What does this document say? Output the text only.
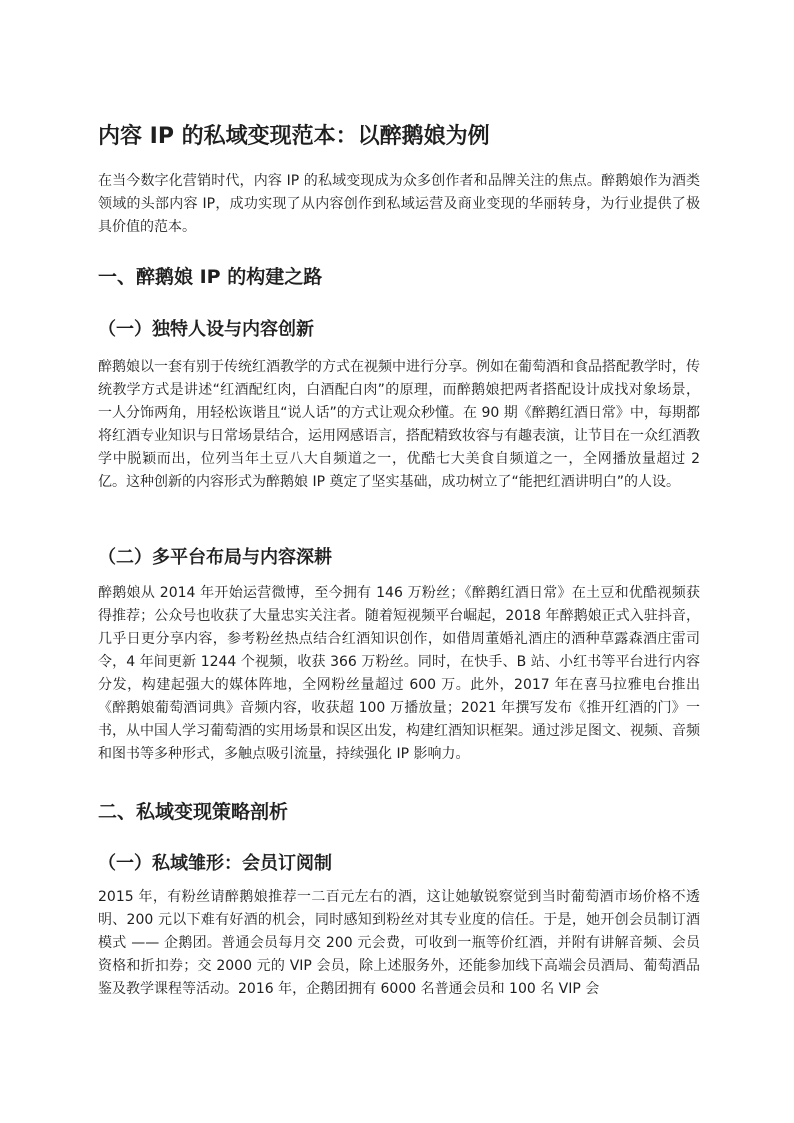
内容 IP 的私域变现范本：以醉鹅娘为例

在当今数字化营销时代，内容 IP 的私域变现成为众多创作者和品牌关注的焦点。醉鹅娘作为酒类领域的头部内容 IP，成功实现了从内容创作到私域运营及商业变现的华丽转身，为行业提供了极具价值的范本。

一、醉鹅娘 IP 的构建之路
（一）独特人设与内容创新

醉鹅娘以一套有别于传统红酒教学的方式在视频中进行分享。例如在葡萄酒和食品搭配教学时，传统教学方式是讲述“红酒配红肉，白酒配白肉”的原理，而醉鹅娘把两者搭配设计成找对象场景，一人分饰两角，用轻松诙谐且“说人话”的方式让观众秒懂。在 90 期《醉鹅红酒日常》中，每期都将红酒专业知识与日常场景结合，运用网感语言，搭配精致妆容与有趣表演，让节目在一众红酒教学中脱颖而出，位列当年土豆八大自频道之一，优酷七大美食自频道之一，全网播放量超过 2 亿。这种创新的内容形式为醉鹅娘 IP 奠定了坚实基础，成功树立了“能把红酒讲明白”的人设。

（二）多平台布局与内容深耕

醉鹅娘从 2014 年开始运营微博，至今拥有 146 万粉丝；《醉鹅红酒日常》在土豆和优酷视频获得推荐；公众号也收获了大量忠实关注者。随着短视频平台崛起，2018 年醉鹅娘正式入驻抖音，几乎日更分享内容，参考粉丝热点结合红酒知识创作，如借周董婚礼酒庄的酒种草露森酒庄雷司令，4 年间更新 1244 个视频，收获 366 万粉丝。同时，在快手、B 站、小红书等平台进行内容分发，构建起强大的媒体阵地，全网粉丝量超过 600 万。此外，2017 年在喜马拉雅电台推出《醉鹅娘葡萄酒词典》音频内容，收获超 100 万播放量；2021 年撰写发布《推开红酒的门》一书，从中国人学习葡萄酒的实用场景和误区出发，构建红酒知识框架。通过涉足图文、视频、音频和图书等多种形式，多触点吸引流量，持续强化 IP 影响力。

二、私域变现策略剖析
（一）私域雏形：会员订阅制

2015 年，有粉丝请醉鹅娘推荐一二百元左右的酒，这让她敏锐察觉到当时葡萄酒市场价格不透明、200 元以下难有好酒的机会，同时感知到粉丝对其专业度的信任。于是，她开创会员制订酒模式 —— 企鹅团。普通会员每月交 200 元会费，可收到一瓶等价红酒，并附有讲解音频、会员资格和折扣券；交 2000 元的 VIP 会员，除上述服务外，还能参加线下高端会员酒局、葡萄酒品鉴及教学课程等活动。2016 年，企鹅团拥有 6000 名普通会员和 100 名 VIP 会
